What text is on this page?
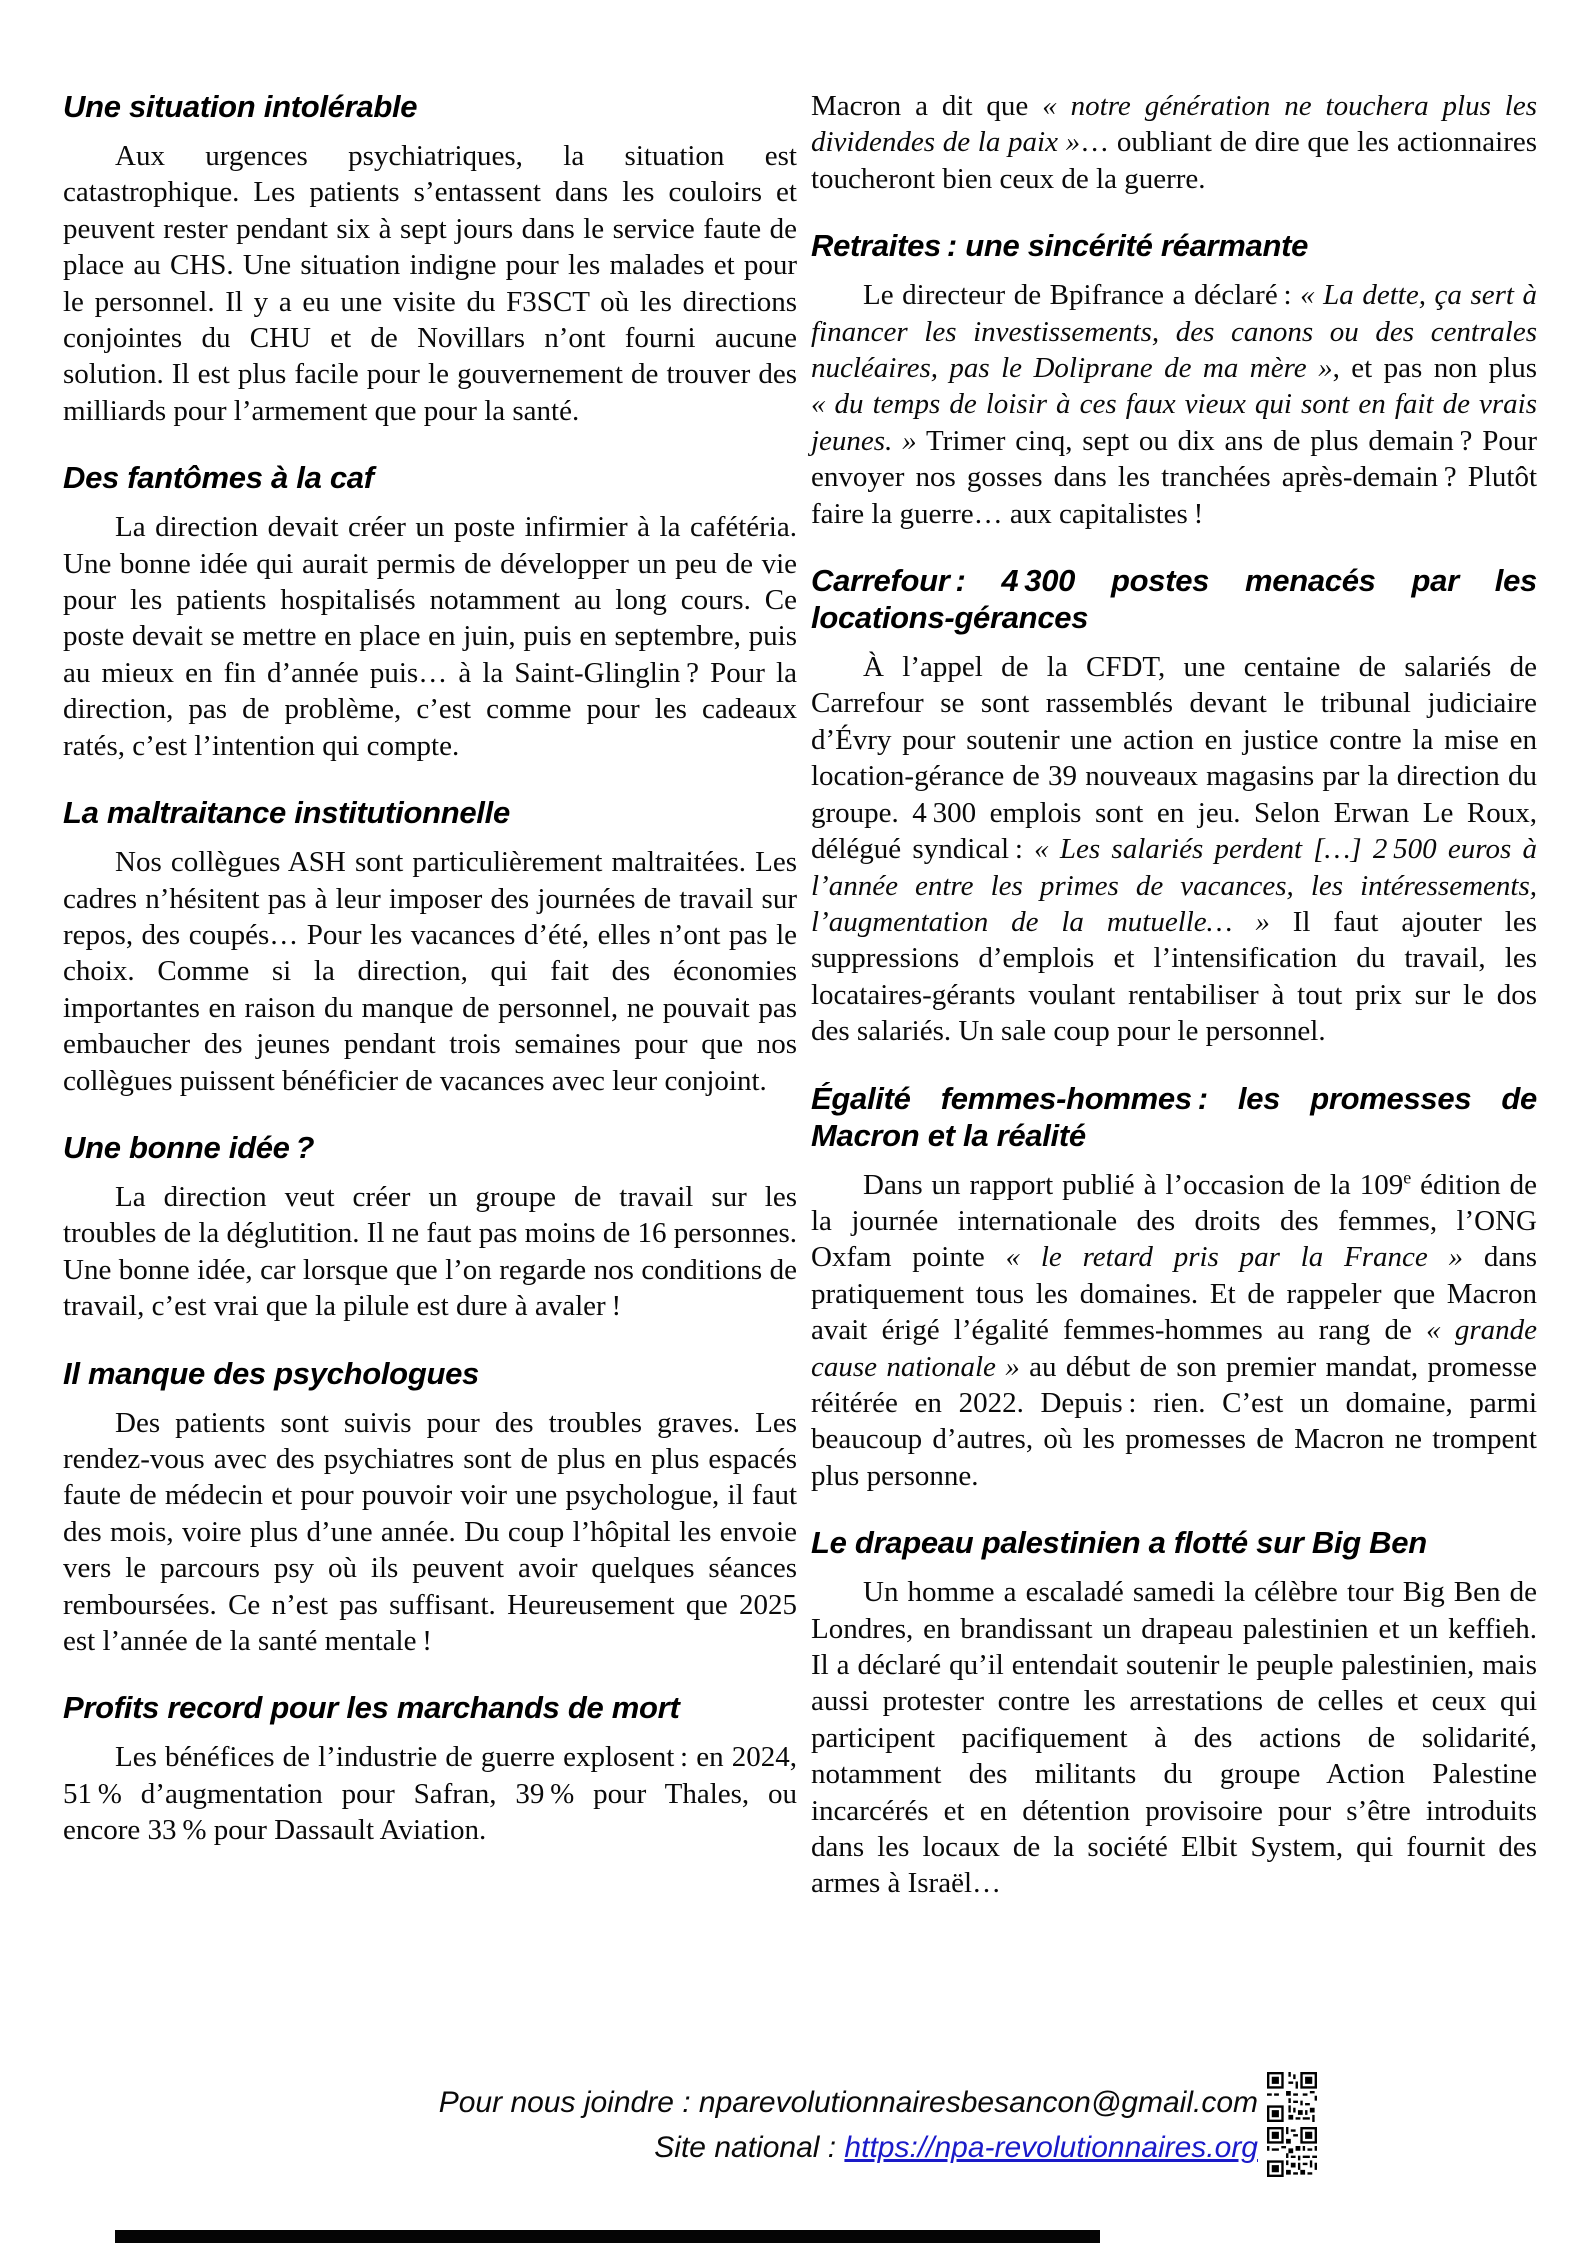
Une situation intolérable

Aux urgences psychiatriques, la situation est catastrophique. Les patients s’entassent dans les couloirs et peuvent rester pendant six à sept jours dans le service faute de place au CHS. Une situation indigne pour les malades et pour le personnel. Il y a eu une visite du F3SCT où les directions conjointes du CHU et de Novillars n’ont fourni aucune solution. Il est plus facile pour le gouvernement de trouver des milliards pour l’armement que pour la santé.

Des fantômes à la caf

La direction devait créer un poste infirmier à la cafétéria. Une bonne idée qui aurait permis de développer un peu de vie pour les patients hospitalisés notamment au long cours. Ce poste devait se mettre en place en juin, puis en septembre, puis au mieux en fin d’année puis… à la Saint-Glinglin ? Pour la direction, pas de problème, c’est comme pour les cadeaux ratés, c’est l’intention qui compte.

La maltraitance institutionnelle

Nos collègues ASH sont particulièrement maltraitées. Les cadres n’hésitent pas à leur imposer des journées de travail sur repos, des coupés… Pour les vacances d’été, elles n’ont pas le choix. Comme si la direction, qui fait des économies importantes en raison du manque de personnel, ne pouvait pas embaucher des jeunes pendant trois semaines pour que nos collègues puissent bénéficier de vacances avec leur conjoint.

Une bonne idée ?

La direction veut créer un groupe de travail sur les troubles de la déglutition. Il ne faut pas moins de 16 personnes. Une bonne idée, car lorsque que l’on regarde nos conditions de travail, c’est vrai que la pilule est dure à avaler !

Il manque des psychologues

Des patients sont suivis pour des troubles graves. Les rendez-vous avec des psychiatres sont de plus en plus espacés faute de médecin et pour pouvoir voir une psychologue, il faut des mois, voire plus d’une année. Du coup l’hôpital les envoie vers le parcours psy où ils peuvent avoir quelques séances remboursées. Ce n’est pas suffisant. Heureusement que 2025 est l’année de la santé mentale !

Profits record pour les marchands de mort

Les bénéfices de l’industrie de guerre explosent : en 2024, 51 % d’augmentation pour Safran, 39 % pour Thales, ou encore 33 % pour Dassault Aviation.

Macron a dit que « notre génération ne touchera plus les dividendes de la paix »… oubliant de dire que les actionnaires toucheront bien ceux de la guerre.

Retraites : une sincérité réarmante

Le directeur de Bpifrance a déclaré : « La dette, ça sert à financer les investissements, des canons ou des centrales nucléaires, pas le Doliprane de ma mère », et pas non plus « du temps de loisir à ces faux vieux qui sont en fait de vrais jeunes. » Trimer cinq, sept ou dix ans de plus demain ? Pour envoyer nos gosses dans les tranchées après-demain ? Plutôt faire la guerre… aux capitalistes !

Carrefour : 4 300 postes menacés par les locations-gérances

À l’appel de la CFDT, une centaine de salariés de Carrefour se sont rassemblés devant le tribunal judiciaire d’Évry pour soutenir une action en justice contre la mise en location-gérance de 39 nouveaux magasins par la direction du groupe. 4 300 emplois sont en jeu. Selon Erwan Le Roux, délégué syndical : « Les salariés perdent […] 2 500 euros à l’année entre les primes de vacances, les intéressements, l’augmentation de la mutuelle… » Il faut ajouter les suppressions d’emplois et l’intensification du travail, les locataires-gérants voulant rentabiliser à tout prix sur le dos des salariés. Un sale coup pour le personnel.

Égalité femmes-hommes : les promesses de Macron et la réalité

Dans un rapport publié à l’occasion de la 109e édition de la journée internationale des droits des femmes, l’ONG Oxfam pointe « le retard pris par la France » dans pratiquement tous les domaines. Et de rappeler que Macron avait érigé l’égalité femmes-hommes au rang de « grande cause nationale » au début de son premier mandat, promesse réitérée en 2022. Depuis : rien. C’est un domaine, parmi beaucoup d’autres, où les promesses de Macron ne trompent plus personne.

Le drapeau palestinien a flotté sur Big Ben

Un homme a escaladé samedi la célèbre tour Big Ben de Londres, en brandissant un drapeau palestinien et un keffieh. Il a déclaré qu’il entendait soutenir le peuple palestinien, mais aussi protester contre les arrestations de celles et ceux qui participent pacifiquement à des actions de solidarité, notamment des militants du groupe Action Palestine incarcérés et en détention provisoire pour s’être introduits dans les locaux de la société Elbit System, qui fournit des armes à Israël…

Pour nous joindre : nparevolutionnairesbesancon@gmail.com
Site national : https://npa-revolutionnaires.org
